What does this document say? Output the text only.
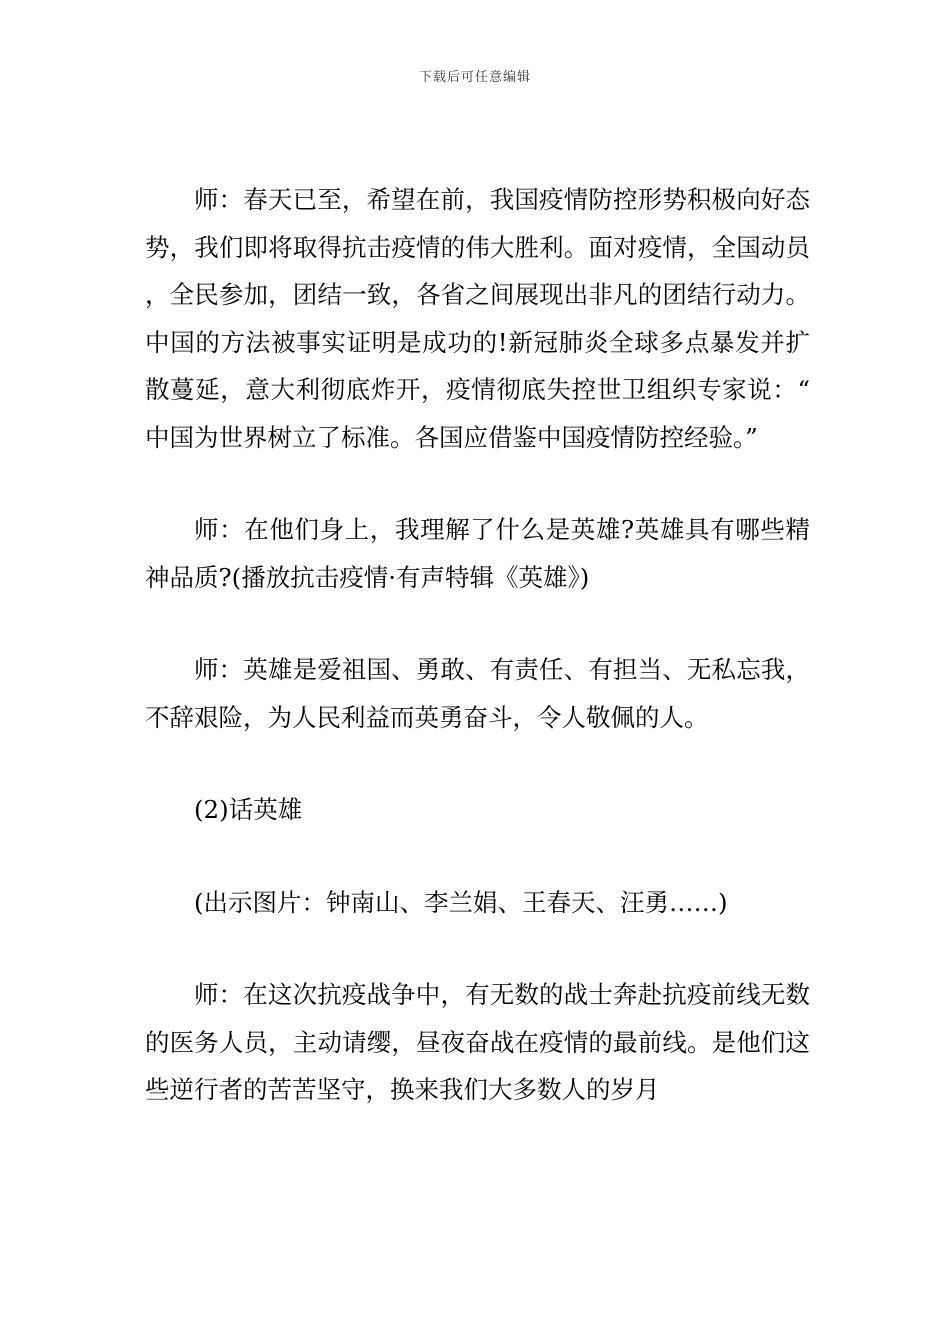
下载后可任意编辑

师：春天已至，希望在前，我国疫情防控形势积极向好态势，我们即将取得抗击疫情的伟大胜利。面对疫情，全国动员，全民参加，团结一致，各省之间展现出非凡的团结行动力。中国的方法被事实证明是成功的!新冠肺炎全球多点暴发并扩散蔓延，意大利彻底炸开，疫情彻底失控世卫组织专家说：“中国为世界树立了标准。各国应借鉴中国疫情防控经验。”

师：在他们身上，我理解了什么是英雄?英雄具有哪些精神品质?(播放抗击疫情·有声特辑《英雄》)

师：英雄是爱祖国、勇敢、有责任、有担当、无私忘我，不辞艰险，为人民利益而英勇奋斗，令人敬佩的人。

(2)话英雄

(出示图片：钟南山、李兰娟、王春天、汪勇……)

师：在这次抗疫战争中，有无数的战士奔赴抗疫前线无数的医务人员，主动请缨，昼夜奋战在疫情的最前线。是他们这些逆行者的苦苦坚守，换来我们大多数人的岁月
